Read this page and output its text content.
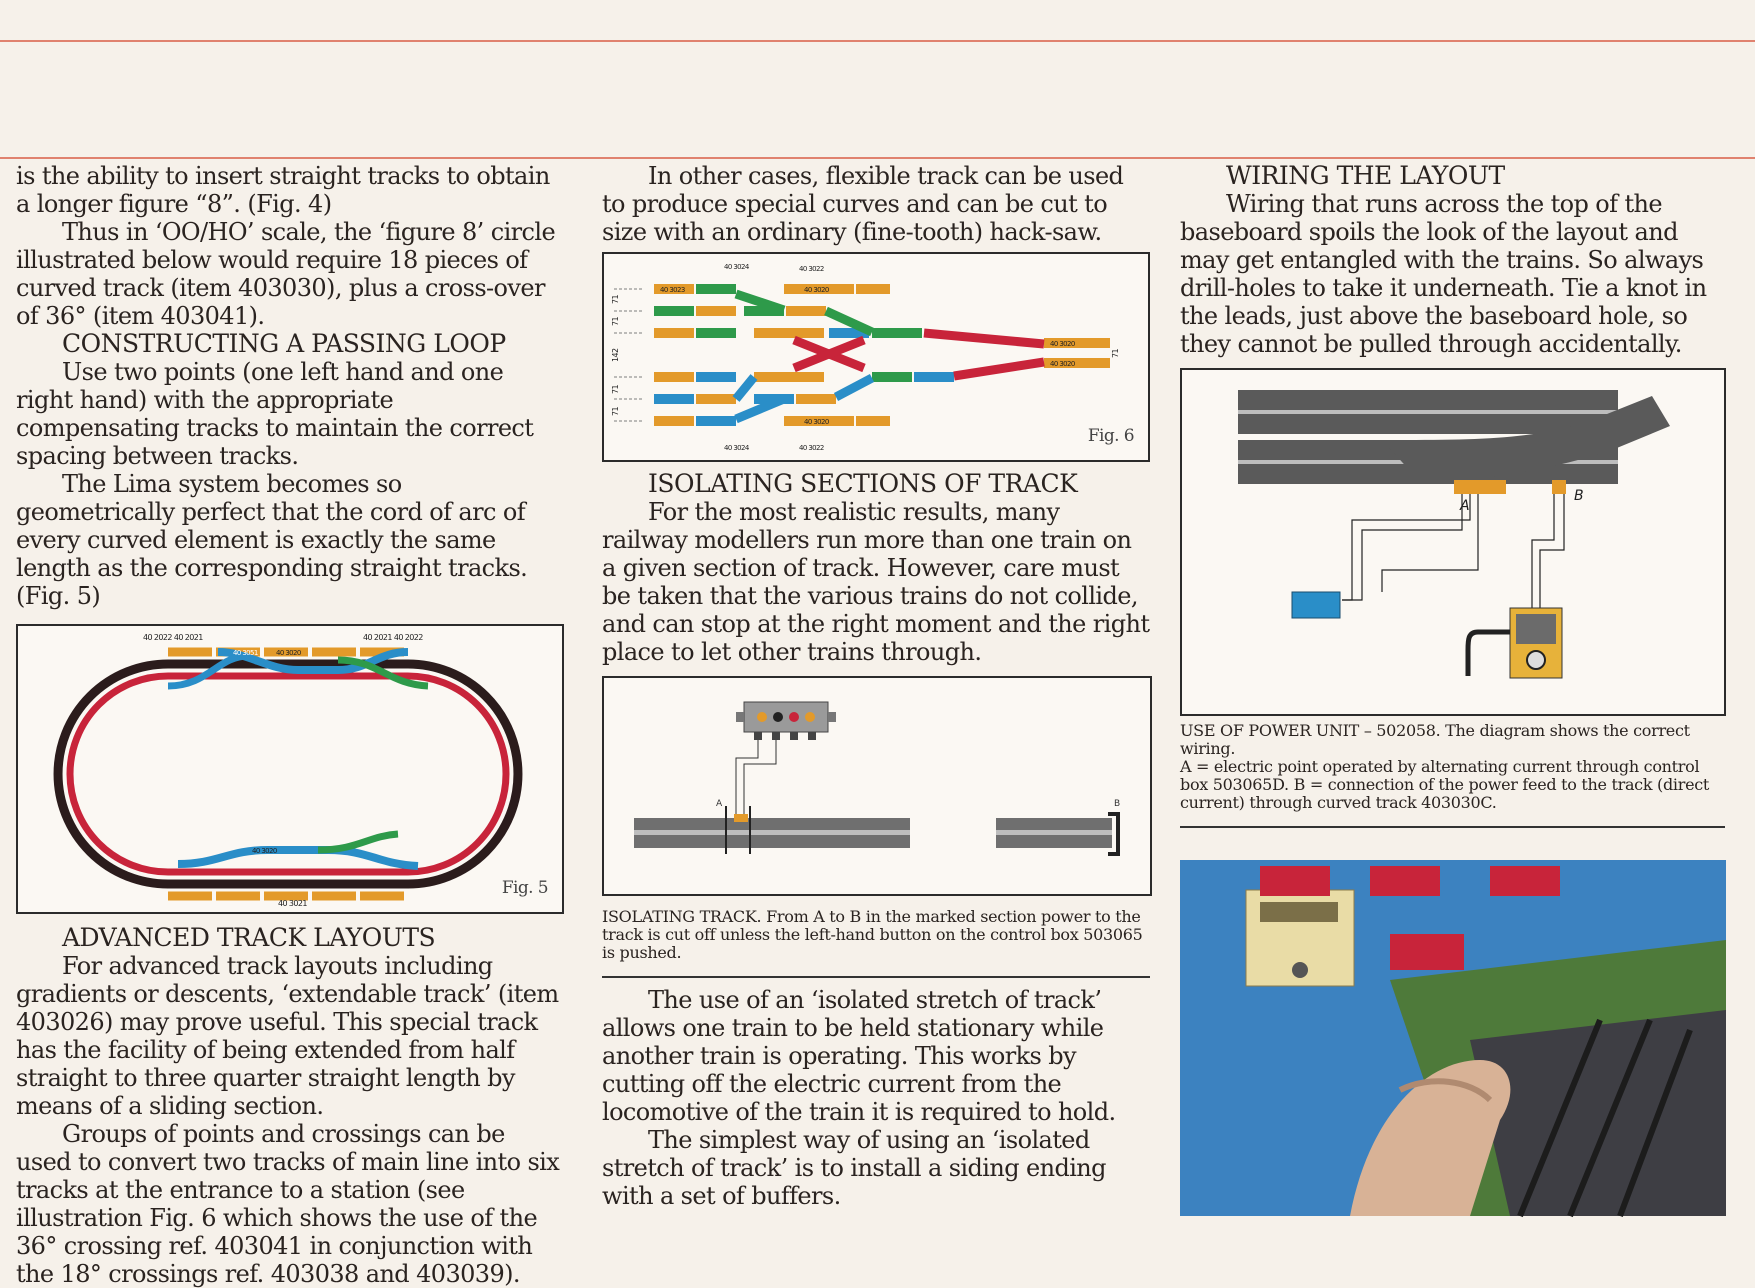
is the ability to insert straight tracks to obtain a longer figure “8”. (Fig. 4)

Thus in ‘OO/HO’ scale, the ‘figure 8’ circle illustrated below would require 18 pieces of curved track (item 403030), plus a cross-over of 36° (item 403041).

CONSTRUCTING A PASSING LOOP

Use two points (one left hand and one right hand) with the appropriate compensating tracks to maintain the correct spacing between tracks.

The Lima system becomes so geometrically perfect that the cord of arc of every curved element is exactly the same length as the corresponding straight tracks. (Fig. 5)

40 2022 40 2021	40 2021 40 2022
40 3051	40 3020
40 3020
40 3021
Fig. 5

ADVANCED TRACK LAYOUTS

For advanced track layouts including gradients or descents, ‘extendable track’ (item 403026) may prove useful. This special track has the facility of being extended from half straight to three quarter straight length by means of a sliding section.

Groups of points and crossings can be used to convert two tracks of main line into six tracks at the entrance to a station (see illustration Fig. 6 which shows the use of the 36° crossing ref. 403041 in conjunction with the 18° crossings ref. 403038 and 403039).

In other cases, flexible track can be used to produce special curves and can be cut to size with an ordinary (fine-tooth) hack-saw.

40 3024	40 3022
40 3024	40 3022
40 3023	40 3020
40 3020
40 3020
40 3020
71
71
142
71
71
71
Fig. 6

ISOLATING SECTIONS OF TRACK

For the most realistic results, many railway modellers run more than one train on a given section of track. However, care must be taken that the various trains do not collide, and can stop at the right moment and the right place to let other trains through.

A	B

ISOLATING TRACK. From A to B in the marked section power to the track is cut off unless the left-hand button on the control box 503065 is pushed.

The use of an ‘isolated stretch of track’ allows one train to be held stationary while another train is operating. This works by cutting off the electric current from the locomotive of the train it is required to hold.

The simplest way of using an ‘isolated stretch of track’ is to install a siding ending with a set of buffers.

WIRING THE LAYOUT

Wiring that runs across the top of the baseboard spoils the look of the layout and may get entangled with the trains. So always drill-holes to take it underneath. Tie a knot in the leads, just above the baseboard hole, so they cannot be pulled through accidentally.

A
B

USE OF POWER UNIT – 502058. The diagram shows the correct wiring.

A = electric point operated by alternating current through control box 503065D. B = connection of the power feed to the track (direct current) through curved track 403030C.
